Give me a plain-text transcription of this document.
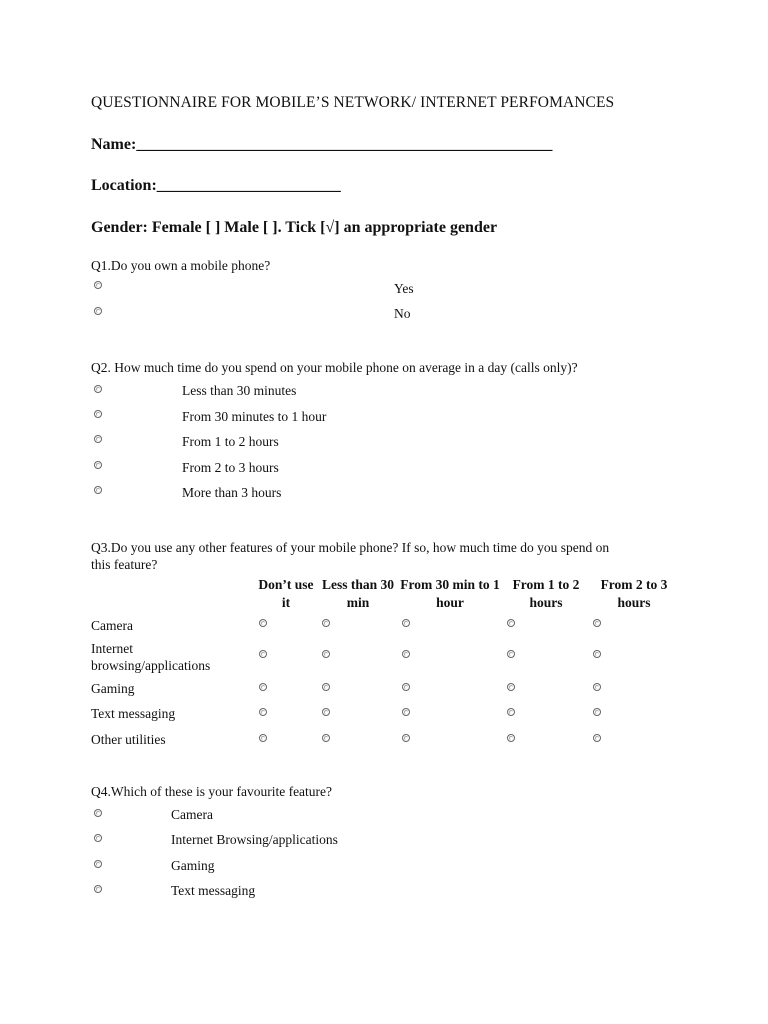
QUESTIONNAIRE FOR MOBILE’S NETWORK/ INTERNET PERFOMANCES
Name:____________________________________________________
Location:_______________________
Gender: Female [ ] Male [ ]. Tick [√] an appropriate gender
Q1.Do you own a mobile phone?
Yes
No
Q2. How much time do you spend on your mobile phone on average in a day (calls only)?
Less than 30 minutes
From 30 minutes to 1 hour
From 1 to 2 hours
From 2 to 3 hours
More than 3 hours
Q3.Do you use any other features of your mobile phone? If so, how much time do you spend on
this feature?
Don’t use it
Less than 30 min
From 30 min to 1 hour
From 1 to 2 hours
From 2 to 3 hours
Camera
Internet browsing/applications
Gaming
Text messaging
Other utilities
Q4.Which of these is your favourite feature?
Camera
Internet Browsing/applications
Gaming
Text messaging
